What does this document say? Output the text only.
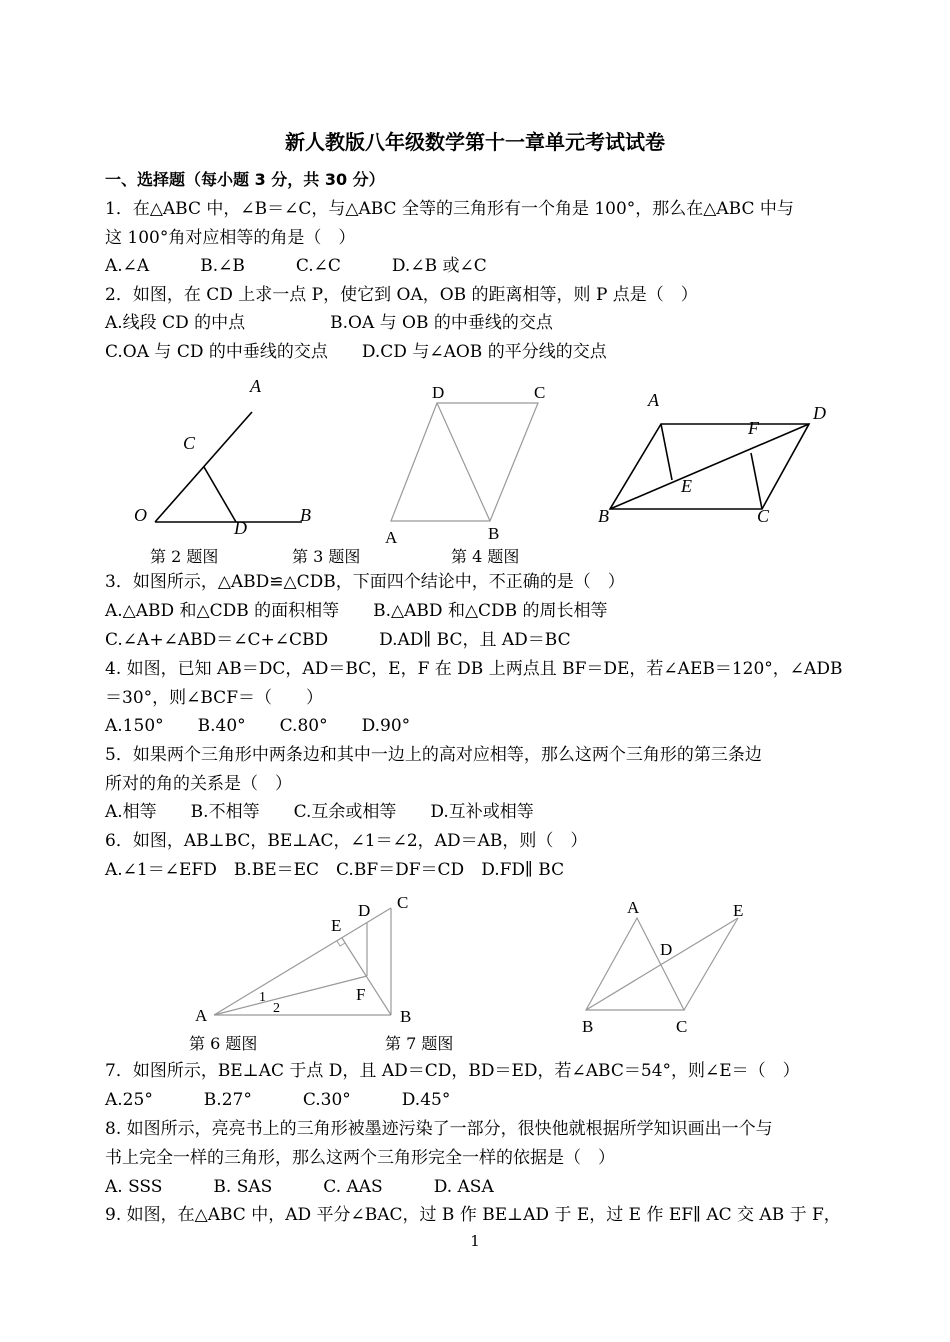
新人教版八年级数学第十一章单元考试试卷
一、选择题（每小题 3 分，共 30 分）
1．在△ABC 中，∠B＝∠C，与△ABC 全等的三角形有一个角是 100°，那么在△ABC 中与
这 100°角对应相等的角是（　）
A.∠A　　　B.∠B　　　C.∠C　　　D.∠B 或∠C
2．如图，在 CD 上求一点 P，使它到 OA，OB 的距离相等，则 P 点是（　）
A.线段 CD 的中点　　　　　B.OA 与 OB 的中垂线的交点
C.OA 与 CD 的中垂线的交点　　D.CD 与∠AOB 的平分线的交点
A
C
O
D
B
D	C
A	B
A
D
F
E
B	C
第 2 题图	第 3 题图	第 4 题图
3．如图所示，△ABD≌△CDB，下面四个结论中，不正确的是（　）
A.△ABD 和△CDB 的面积相等　　B.△ABD 和△CDB 的周长相等
C.∠A+∠ABD＝∠C+∠CBD　　　D.AD∥ BC，且 AD＝BC
4. 如图，已知 AB＝DC，AD＝BC，E，F 在 DB 上两点且 BF＝DE，若∠AEB＝120°，∠ADB
＝30°，则∠BCF＝（　　）
A.150°　　B.40°　　C.80°　　D.90°
5．如果两个三角形中两条边和其中一边上的高对应相等，那么这两个三角形的第三条边
所对的角的关系是（　）
A.相等　　B.不相等　　C.互余或相等　　D.互补或相等
6．如图，AB⊥BC，BE⊥AC，∠1＝∠2，AD＝AB，则（　）
A.∠1＝∠EFD　B.BE＝EC　C.BF＝DF＝CD　D.FD∥ BC
D C
E
1
2
F
A	B
A	E
D
B	C
第 6 题图	第 7 题图
7．如图所示，BE⊥AC 于点 D，且 AD＝CD，BD＝ED，若∠ABC＝54°，则∠E＝（　）
A.25°　　　B.27°　　　C.30°　　　D.45°
8. 如图所示，亮亮书上的三角形被墨迹污染了一部分，很快他就根据所学知识画出一个与
书上完全一样的三角形，那么这两个三角形完全一样的依据是（　）
A. SSS　　　B. SAS　　　C. AAS　　　D. ASA
9. 如图，在△ABC 中，AD 平分∠BAC，过 B 作 BE⊥AD 于 E，过 E 作 EF∥ AC 交 AB 于 F，
1
